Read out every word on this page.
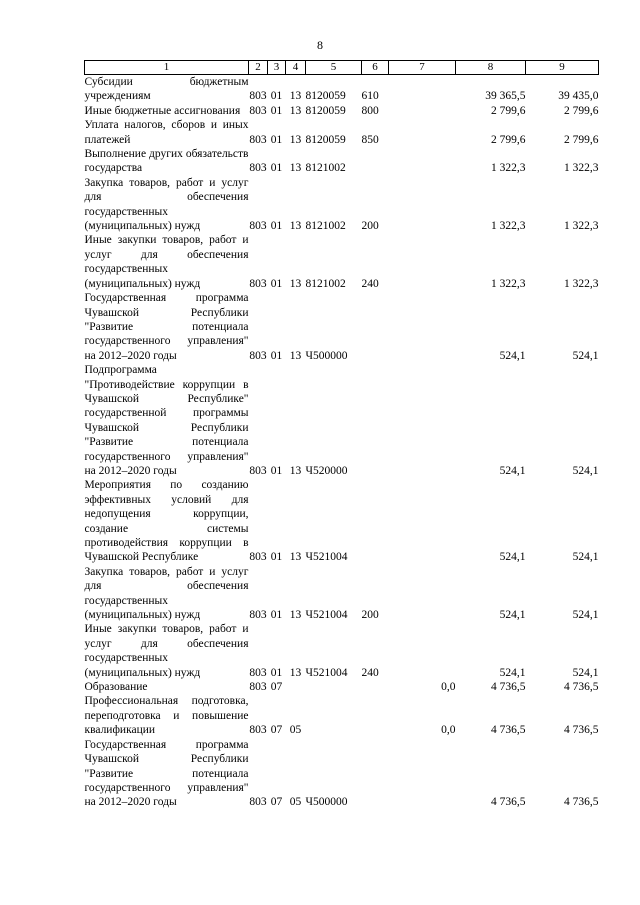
8
1	2	3	4	5	6	7	8	9
Субсидии бюджетным учреждениям	803	01	13	8120059	610		39 365,5	39 435,0
Иные бюджетные ассигнования	803	01	13	8120059	800		2 799,6	2 799,6
Уплата налогов, сборов и иных платежей	803	01	13	8120059	850		2 799,6	2 799,6
Выполнение других обязательств государства	803	01	13	8121002			1 322,3	1 322,3
Закупка товаров, работ и услуг для обеспечения государственных (муниципальных) нужд	803	01	13	8121002	200		1 322,3	1 322,3
Иные закупки товаров, работ и услуг для обеспечения государственных (муниципальных) нужд	803	01	13	8121002	240		1 322,3	1 322,3
Государственная программа Чувашской Республики "Развитие потенциала государственного управления" на 2012–2020 годы	803	01	13	Ч500000			524,1	524,1
Подпрограмма "Противодействие коррупции в Чувашской Республике" государственной программы Чувашской Республики "Развитие потенциала государственного управления" на 2012–2020 годы	803	01	13	Ч520000			524,1	524,1
Мероприятия по созданию эффективных условий для недопущения коррупции, создание системы противодействия коррупции в Чувашской Республике	803	01	13	Ч521004			524,1	524,1
Закупка товаров, работ и услуг для обеспечения государственных (муниципальных) нужд	803	01	13	Ч521004	200		524,1	524,1
Иные закупки товаров, работ и услуг для обеспечения государственных (муниципальных) нужд	803	01	13	Ч521004	240		524,1	524,1
Образование	803	07				0,0	4 736,5	4 736,5
Профессиональная подготовка, переподготовка и повышение квалификации	803	07	05			0,0	4 736,5	4 736,5
Государственная программа Чувашской Республики "Развитие потенциала государственного управления" на 2012–2020 годы	803	07	05	Ч500000			4 736,5	4 736,5
